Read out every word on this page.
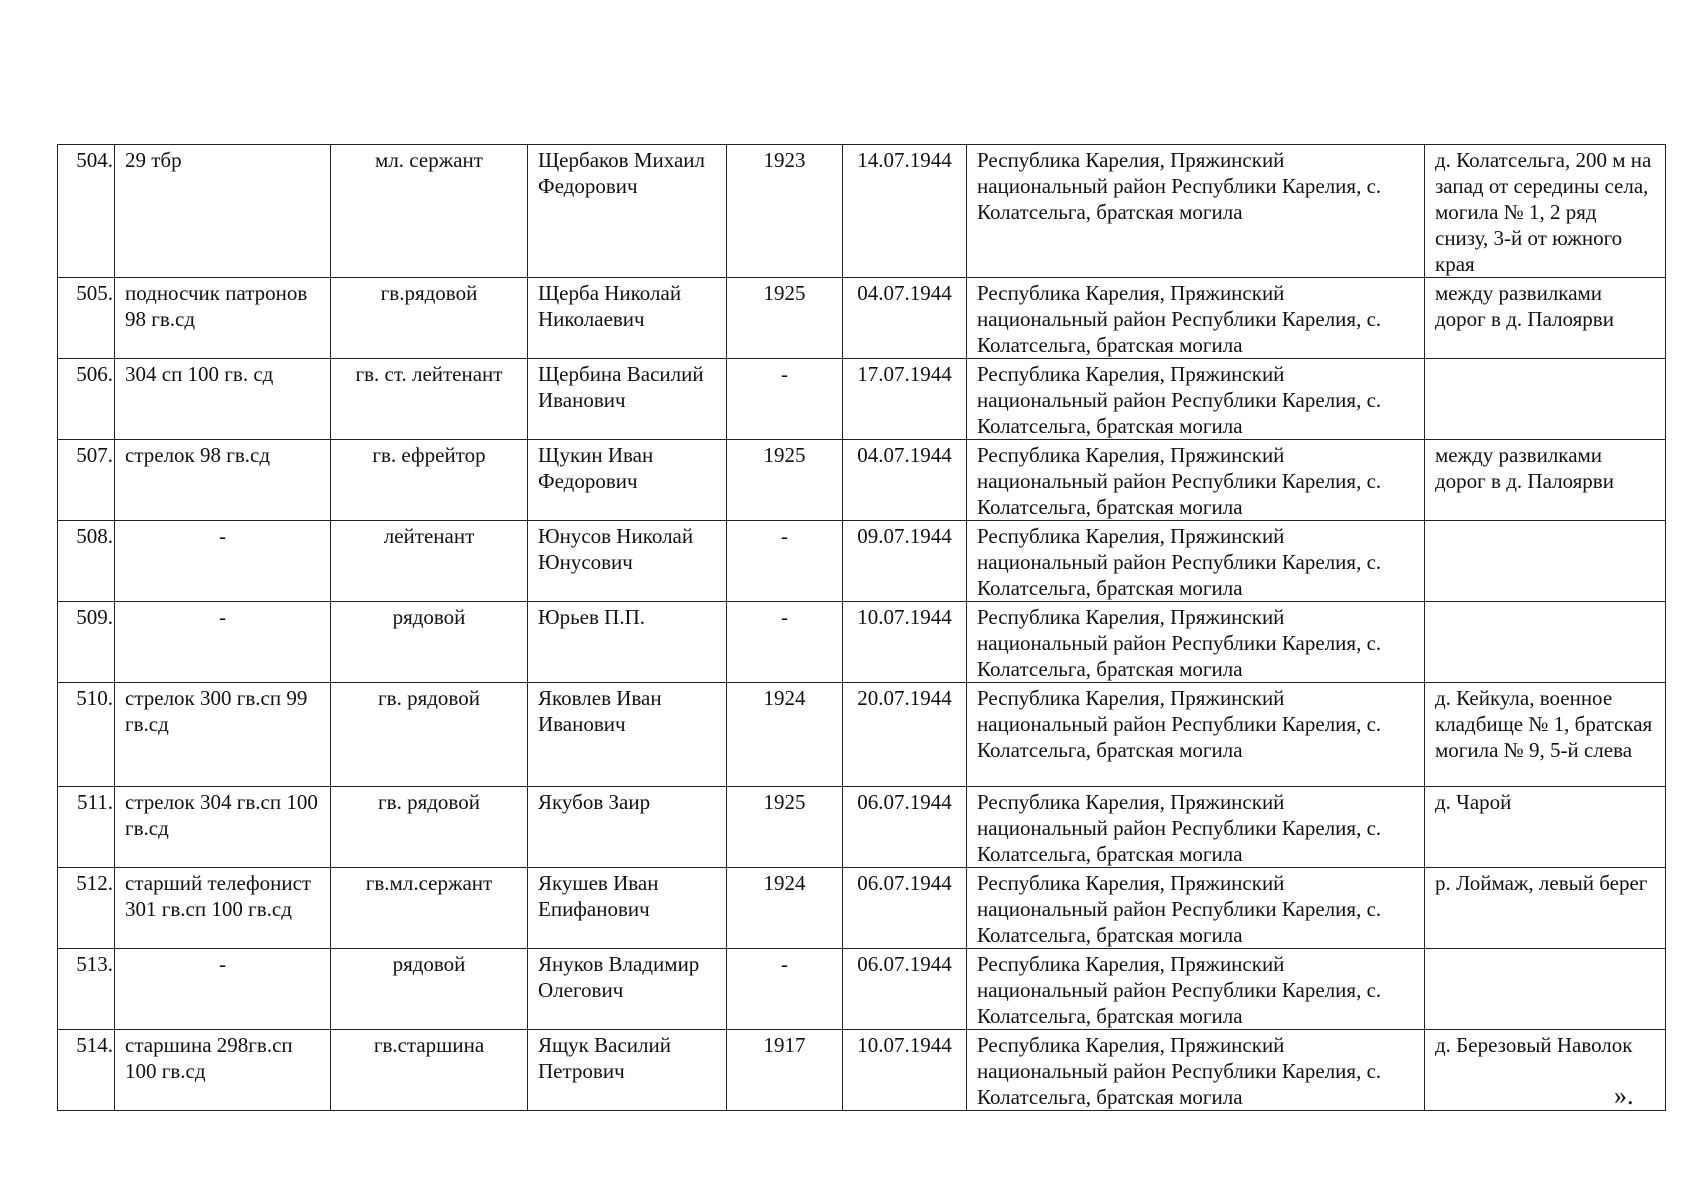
504.	29 тбр	мл. сержант	Щербаков Михаил Федорович	1923	14.07.1944	Республика Карелия, Пряжинский национальный район Республики Карелия, с. Колатсельга, братская могила	д. Колатсельга, 200 м на запад от середины села, могила № 1, 2 ряд снизу, 3-й от южного края
505.	подносчик патронов 98 гв.сд	гв.рядовой	Щерба Николай Николаевич	1925	04.07.1944	Республика Карелия, Пряжинский национальный район Республики Карелия, с. Колатсельга, братская могила	между развилками дорог в д. Палоярви
506.	304 сп 100 гв. сд	гв. ст. лейтенант	Щербина Василий Иванович	-	17.07.1944	Республика Карелия, Пряжинский национальный район Республики Карелия, с. Колатсельга, братская могила	
507.	стрелок 98 гв.сд	гв. ефрейтор	Щукин Иван Федорович	1925	04.07.1944	Республика Карелия, Пряжинский национальный район Республики Карелия, с. Колатсельга, братская могила	между развилками дорог в д. Палоярви
508.	-	лейтенант	Юнусов Николай Юнусович	-	09.07.1944	Республика Карелия, Пряжинский национальный район Республики Карелия, с. Колатсельга, братская могила	
509.	-	рядовой	Юрьев П.П.	-	10.07.1944	Республика Карелия, Пряжинский национальный район Республики Карелия, с. Колатсельга, братская могила	
510.	стрелок 300 гв.сп 99 гв.сд	гв. рядовой	Яковлев Иван Иванович	1924	20.07.1944	Республика Карелия, Пряжинский национальный район Республики Карелия, с. Колатсельга, братская могила	д. Кейкула, военное кладбище № 1, братская могила № 9, 5-й слева
511.	стрелок 304 гв.сп 100 гв.сд	гв. рядовой	Якубов Заир	1925	06.07.1944	Республика Карелия, Пряжинский национальный район Республики Карелия, с. Колатсельга, братская могила	д. Чарой
512.	старший телефонист 301 гв.сп 100 гв.сд	гв.мл.сержант	Якушев Иван Епифанович	1924	06.07.1944	Республика Карелия, Пряжинский национальный район Республики Карелия, с. Колатсельга, братская могила	р. Лоймаж, левый берег
513.	-	рядовой	Януков Владимир Олегович	-	06.07.1944	Республика Карелия, Пряжинский национальный район Республики Карелия, с. Колатсельга, братская могила	
514.	старшина 298гв.сп 100 гв.сд	гв.старшина	Ящук Василий Петрович	1917	10.07.1944	Республика Карелия, Пряжинский национальный район Республики Карелия, с. Колатсельга, братская могила	д. Березовый Наволок
».
